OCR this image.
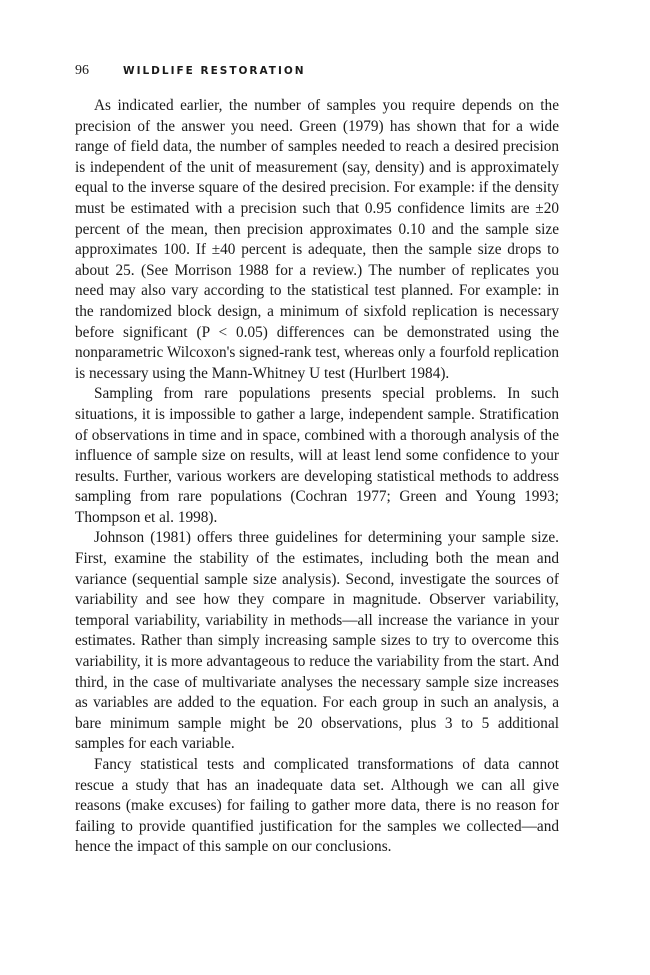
96	WILDLIFE RESTORATION

As indicated earlier, the number of samples you require depends on the precision of the answer you need. Green (1979) has shown that for a wide range of field data, the number of samples needed to reach a desired precision is independent of the unit of measurement (say, density) and is approximately equal to the inverse square of the desired precision. For example: if the density must be estimated with a precision such that 0.95 confidence limits are ±20 percent of the mean, then precision approximates 0.10 and the sample size approximates 100. If ±40 percent is adequate, then the sample size drops to about 25. (See Morrison 1988 for a review.) The number of replicates you need may also vary according to the statistical test planned. For example: in the randomized block design, a minimum of sixfold replication is necessary before significant (P < 0.05) differences can be demonstrated using the nonparametric Wilcoxon's signed-rank test, whereas only a fourfold replication is necessary using the Mann-Whitney U test (Hurlbert 1984).

Sampling from rare populations presents special problems. In such situations, it is impossible to gather a large, independent sample. Stratification of observations in time and in space, combined with a thorough analysis of the influence of sample size on results, will at least lend some confidence to your results. Further, various workers are developing statistical methods to address sampling from rare populations (Cochran 1977; Green and Young 1993; Thompson et al. 1998).

Johnson (1981) offers three guidelines for determining your sample size. First, examine the stability of the estimates, including both the mean and variance (sequential sample size analysis). Second, investigate the sources of variability and see how they compare in magnitude. Observer variability, temporal variability, variability in methods—all increase the variance in your estimates. Rather than simply increasing sample sizes to try to overcome this variability, it is more advantageous to reduce the variability from the start. And third, in the case of multivariate analyses the necessary sample size increases as variables are added to the equation. For each group in such an analysis, a bare minimum sample might be 20 observations, plus 3 to 5 additional samples for each variable.

Fancy statistical tests and complicated transformations of data cannot rescue a study that has an inadequate data set. Although we can all give reasons (make excuses) for failing to gather more data, there is no reason for failing to provide quantified justification for the samples we collected—and hence the impact of this sample on our conclusions.
